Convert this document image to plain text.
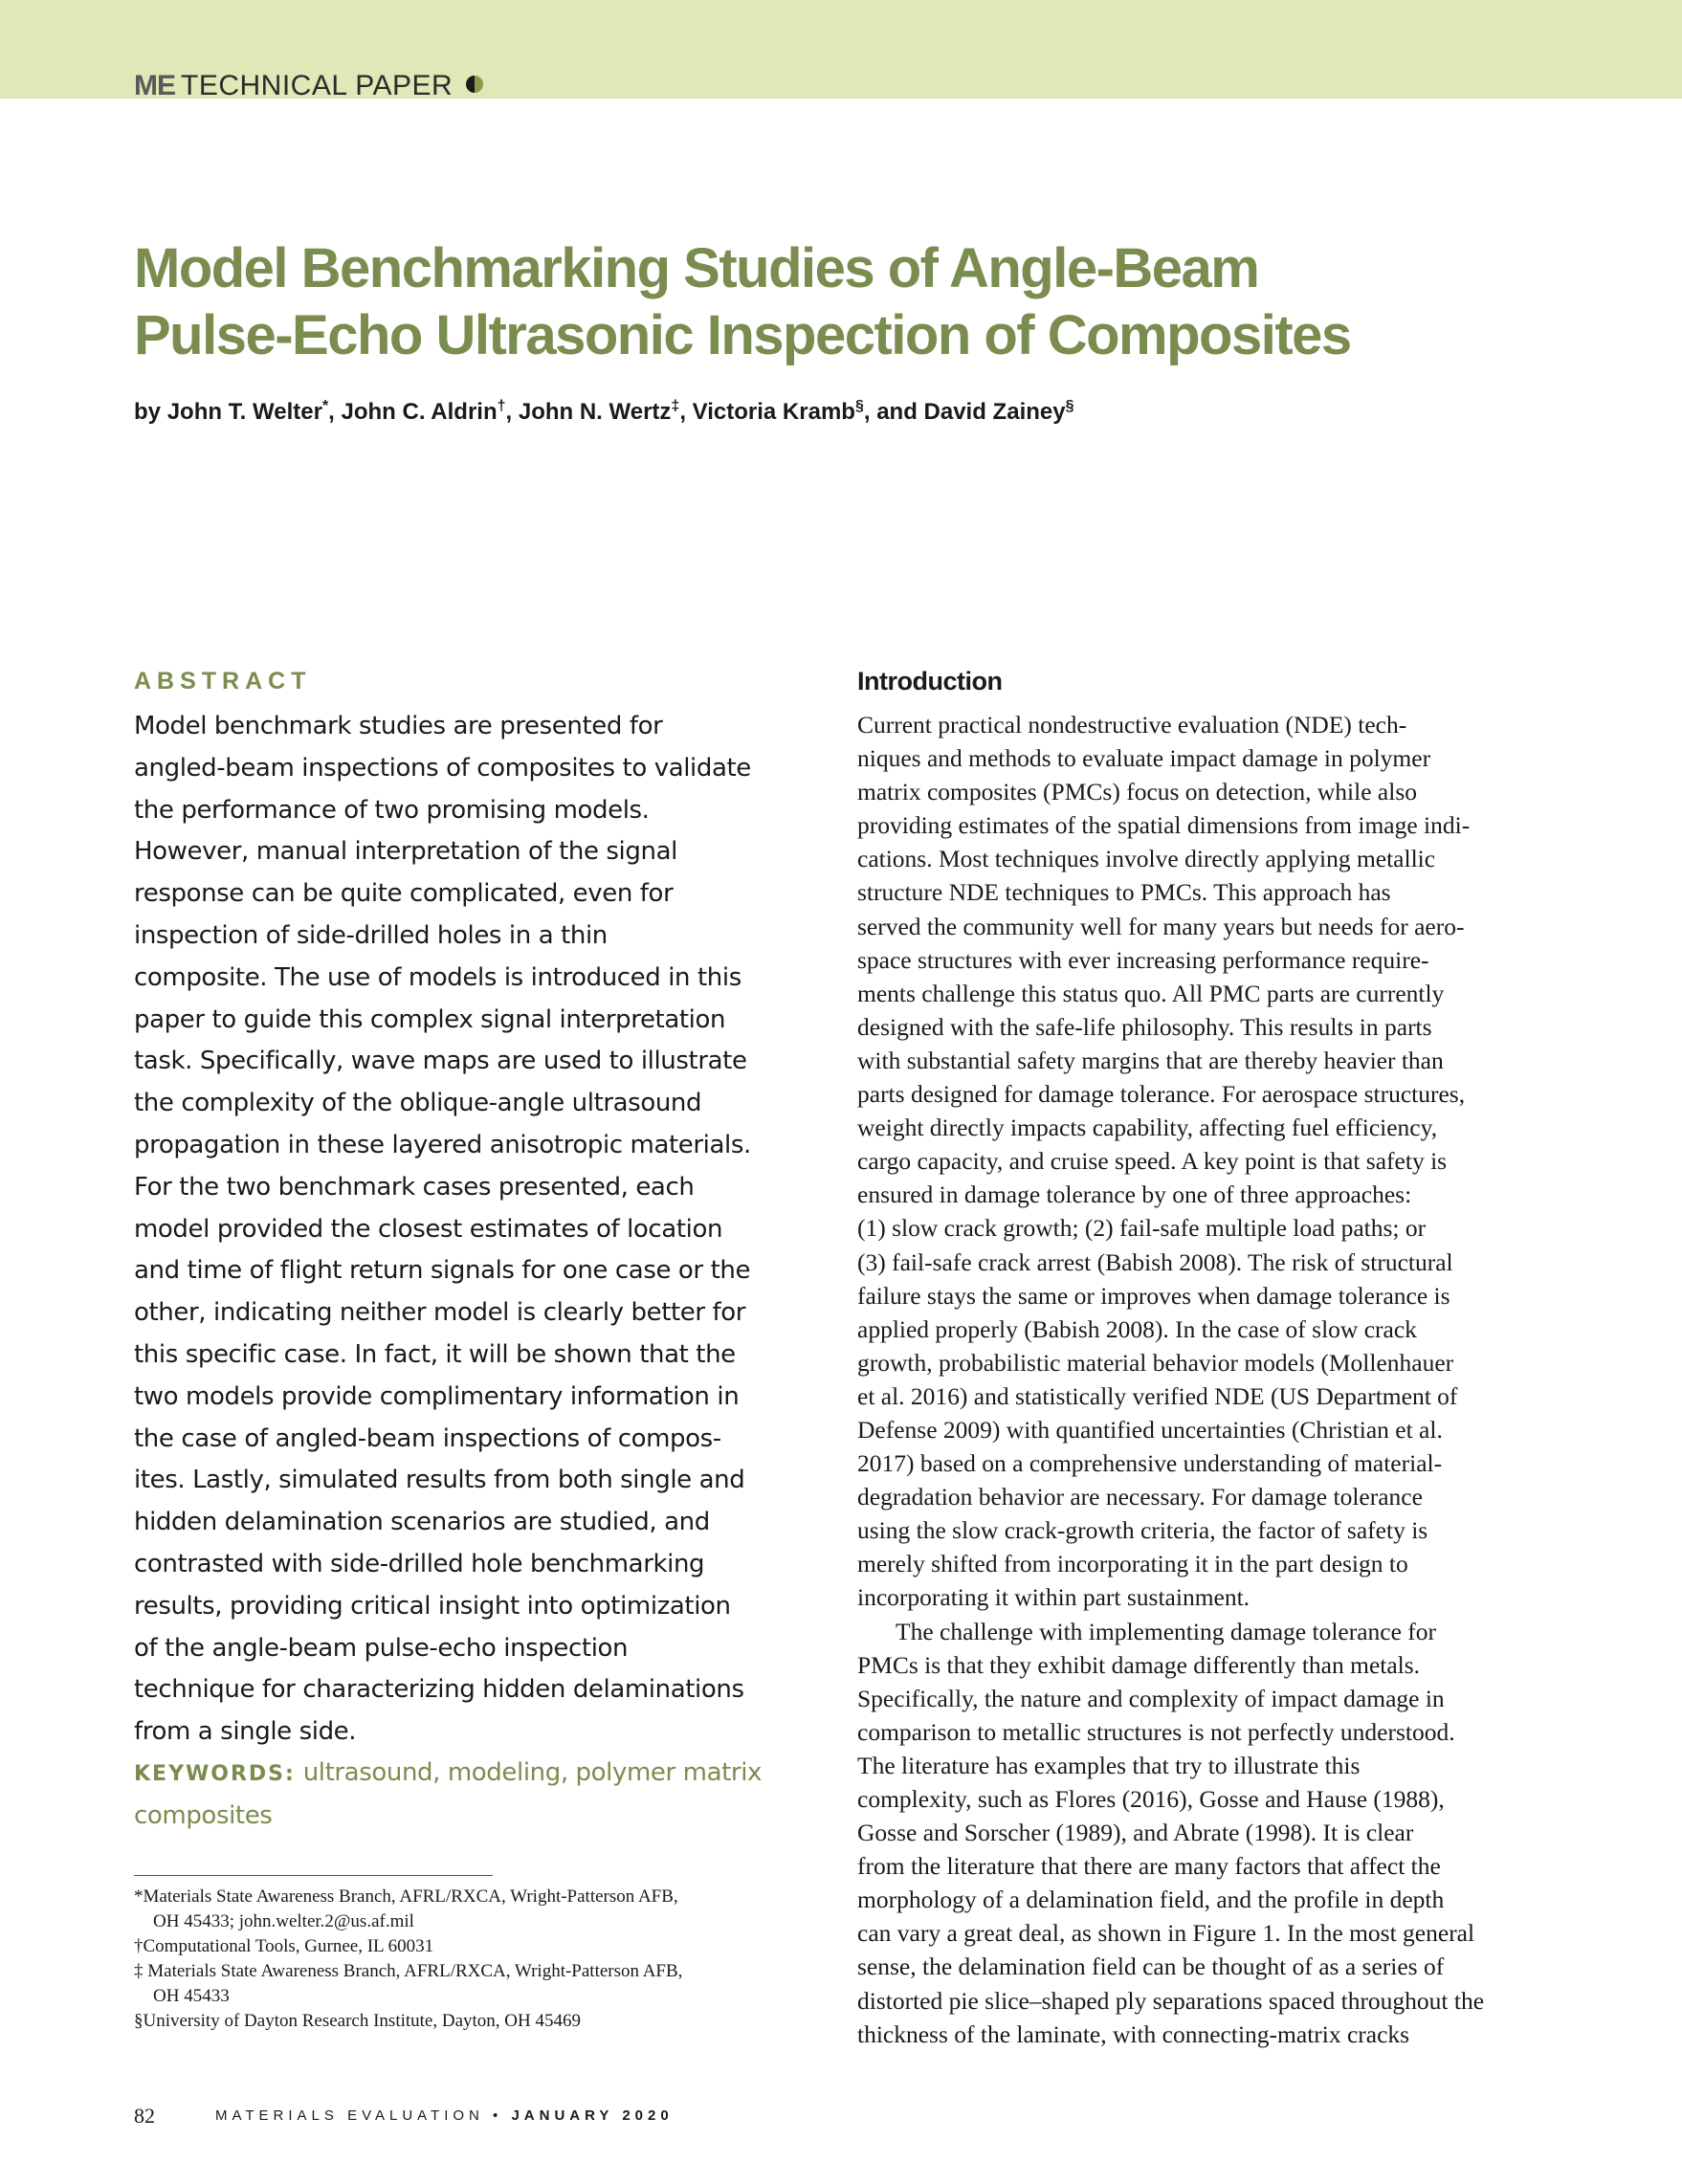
ME TECHNICAL PAPER
Model Benchmarking Studies of Angle-Beam
Pulse-Echo Ultrasonic Inspection of Composites
by John T. Welter*, John C. Aldrin†, John N. Wertz‡, Victoria Kramb§, and David Zainey§
ABSTRACT
Model benchmark studies are presented for
angled-beam inspections of composites to validate
the performance of two promising models.
However, manual interpretation of the signal
response can be quite complicated, even for
inspection of side-drilled holes in a thin
composite. The use of models is introduced in this
paper to guide this complex signal interpretation
task. Specifically, wave maps are used to illustrate
the complexity of the oblique-angle ultrasound
propagation in these layered anisotropic materials.
For the two benchmark cases presented, each
model provided the closest estimates of location
and time of flight return signals for one case or the
other, indicating neither model is clearly better for
this specific case. In fact, it will be shown that the
two models provide complimentary information in
the case of angled-beam inspections of compos-
ites. Lastly, simulated results from both single and
hidden delamination scenarios are studied, and
contrasted with side-drilled hole benchmarking
results, providing critical insight into optimization
of the angle-beam pulse-echo inspection
technique for characterizing hidden delaminations
from a single side.
KEYWORDS: ultrasound, modeling, polymer matrix
composites
*Materials State Awareness Branch, AFRL/RXCA, Wright-Patterson AFB,
OH 45433; john.welter.2@us.af.mil
†Computational Tools, Gurnee, IL 60031
‡ Materials State Awareness Branch, AFRL/RXCA, Wright-Patterson AFB,
OH 45433
§University of Dayton Research Institute, Dayton, OH 45469
Introduction
Current practical nondestructive evaluation (NDE) tech-
niques and methods to evaluate impact damage in polymer
matrix composites (PMCs) focus on detection, while also
providing estimates of the spatial dimensions from image indi-
cations. Most techniques involve directly applying metallic
structure NDE techniques to PMCs. This approach has
served the community well for many years but needs for aero-
space structures with ever increasing performance require-
ments challenge this status quo. All PMC parts are currently
designed with the safe-life philosophy. This results in parts
with substantial safety margins that are thereby heavier than
parts designed for damage tolerance. For aerospace structures,
weight directly impacts capability, affecting fuel efficiency,
cargo capacity, and cruise speed. A key point is that safety is
ensured in damage tolerance by one of three approaches:
(1) slow crack growth; (2) fail-safe multiple load paths; or
(3) fail-safe crack arrest (Babish 2008). The risk of structural
failure stays the same or improves when damage tolerance is
applied properly (Babish 2008). In the case of slow crack
growth, probabilistic material behavior models (Mollenhauer
et al. 2016) and statistically verified NDE (US Department of
Defense 2009) with quantified uncertainties (Christian et al.
2017) based on a comprehensive understanding of material-
degradation behavior are necessary. For damage tolerance
using the slow crack-growth criteria, the factor of safety is
merely shifted from incorporating it in the part design to
incorporating it within part sustainment.
The challenge with implementing damage tolerance for
PMCs is that they exhibit damage differently than metals.
Specifically, the nature and complexity of impact damage in
comparison to metallic structures is not perfectly understood.
The literature has examples that try to illustrate this
complexity, such as Flores (2016), Gosse and Hause (1988),
Gosse and Sorscher (1989), and Abrate (1998). It is clear
from the literature that there are many factors that affect the
morphology of a delamination field, and the profile in depth
can vary a great deal, as shown in Figure 1. In the most general
sense, the delamination field can be thought of as a series of
distorted pie slice–shaped ply separations spaced throughout the
thickness of the laminate, with connecting-matrix cracks
82	MATERIALS EVALUATION • JANUARY 2020
